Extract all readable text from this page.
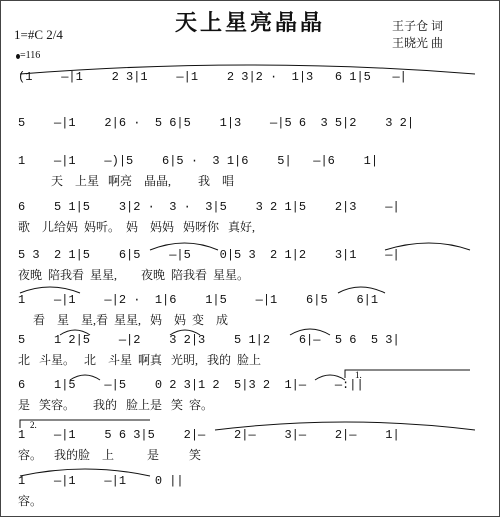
天上星亮晶晶
1=#C 2/4
=116
王子仓 词
王晓光 曲
(1    —|1    2 3|1    —|1    2 3|2 ·  1|3   6 1|5   —|
5    —|1    2|6 ·  5 6|5    1|3    —|5 6  3 5|2    3 2|
1    —|1    —)|5    6|5 ·  3 1|6    5|   —|6    1|
天    上星   啊亮    晶晶,         我    唱
6    5 1|5    3|2 ·  3 ·  3|5    3 2 1|5    2|3    —|
歌    儿给妈  妈听。  妈    妈妈   妈呀你   真好,
5 3  2 1|5    6|5    —|5    0|5 3  2 1|2    3|1    —|
夜晚  陪我看  星星,        夜晚  陪我看  星星。
1    —|1    —|2 ·  1|6    1|5    —|1    6|5    6|1
看    星    星,看  星星,   妈    妈  变    成
5    1 2|5    —|2    3 2|3    5 1|2    6|—  5 6  5 3|
北   斗星。   北    斗星  啊真   光明,   我的  脸上
1.
6    1|5    —|5    0 2 3|1 2  5|3 2  1|—    —:||
是   笑容。      我的   脸上是   笑  容。
2.
1    —|1    5 6 3|5    2|—    2|—    3|—    2|—    1|
容。    我的脸    上           是          笑
1    —|1    —|1    0 ||
容。
